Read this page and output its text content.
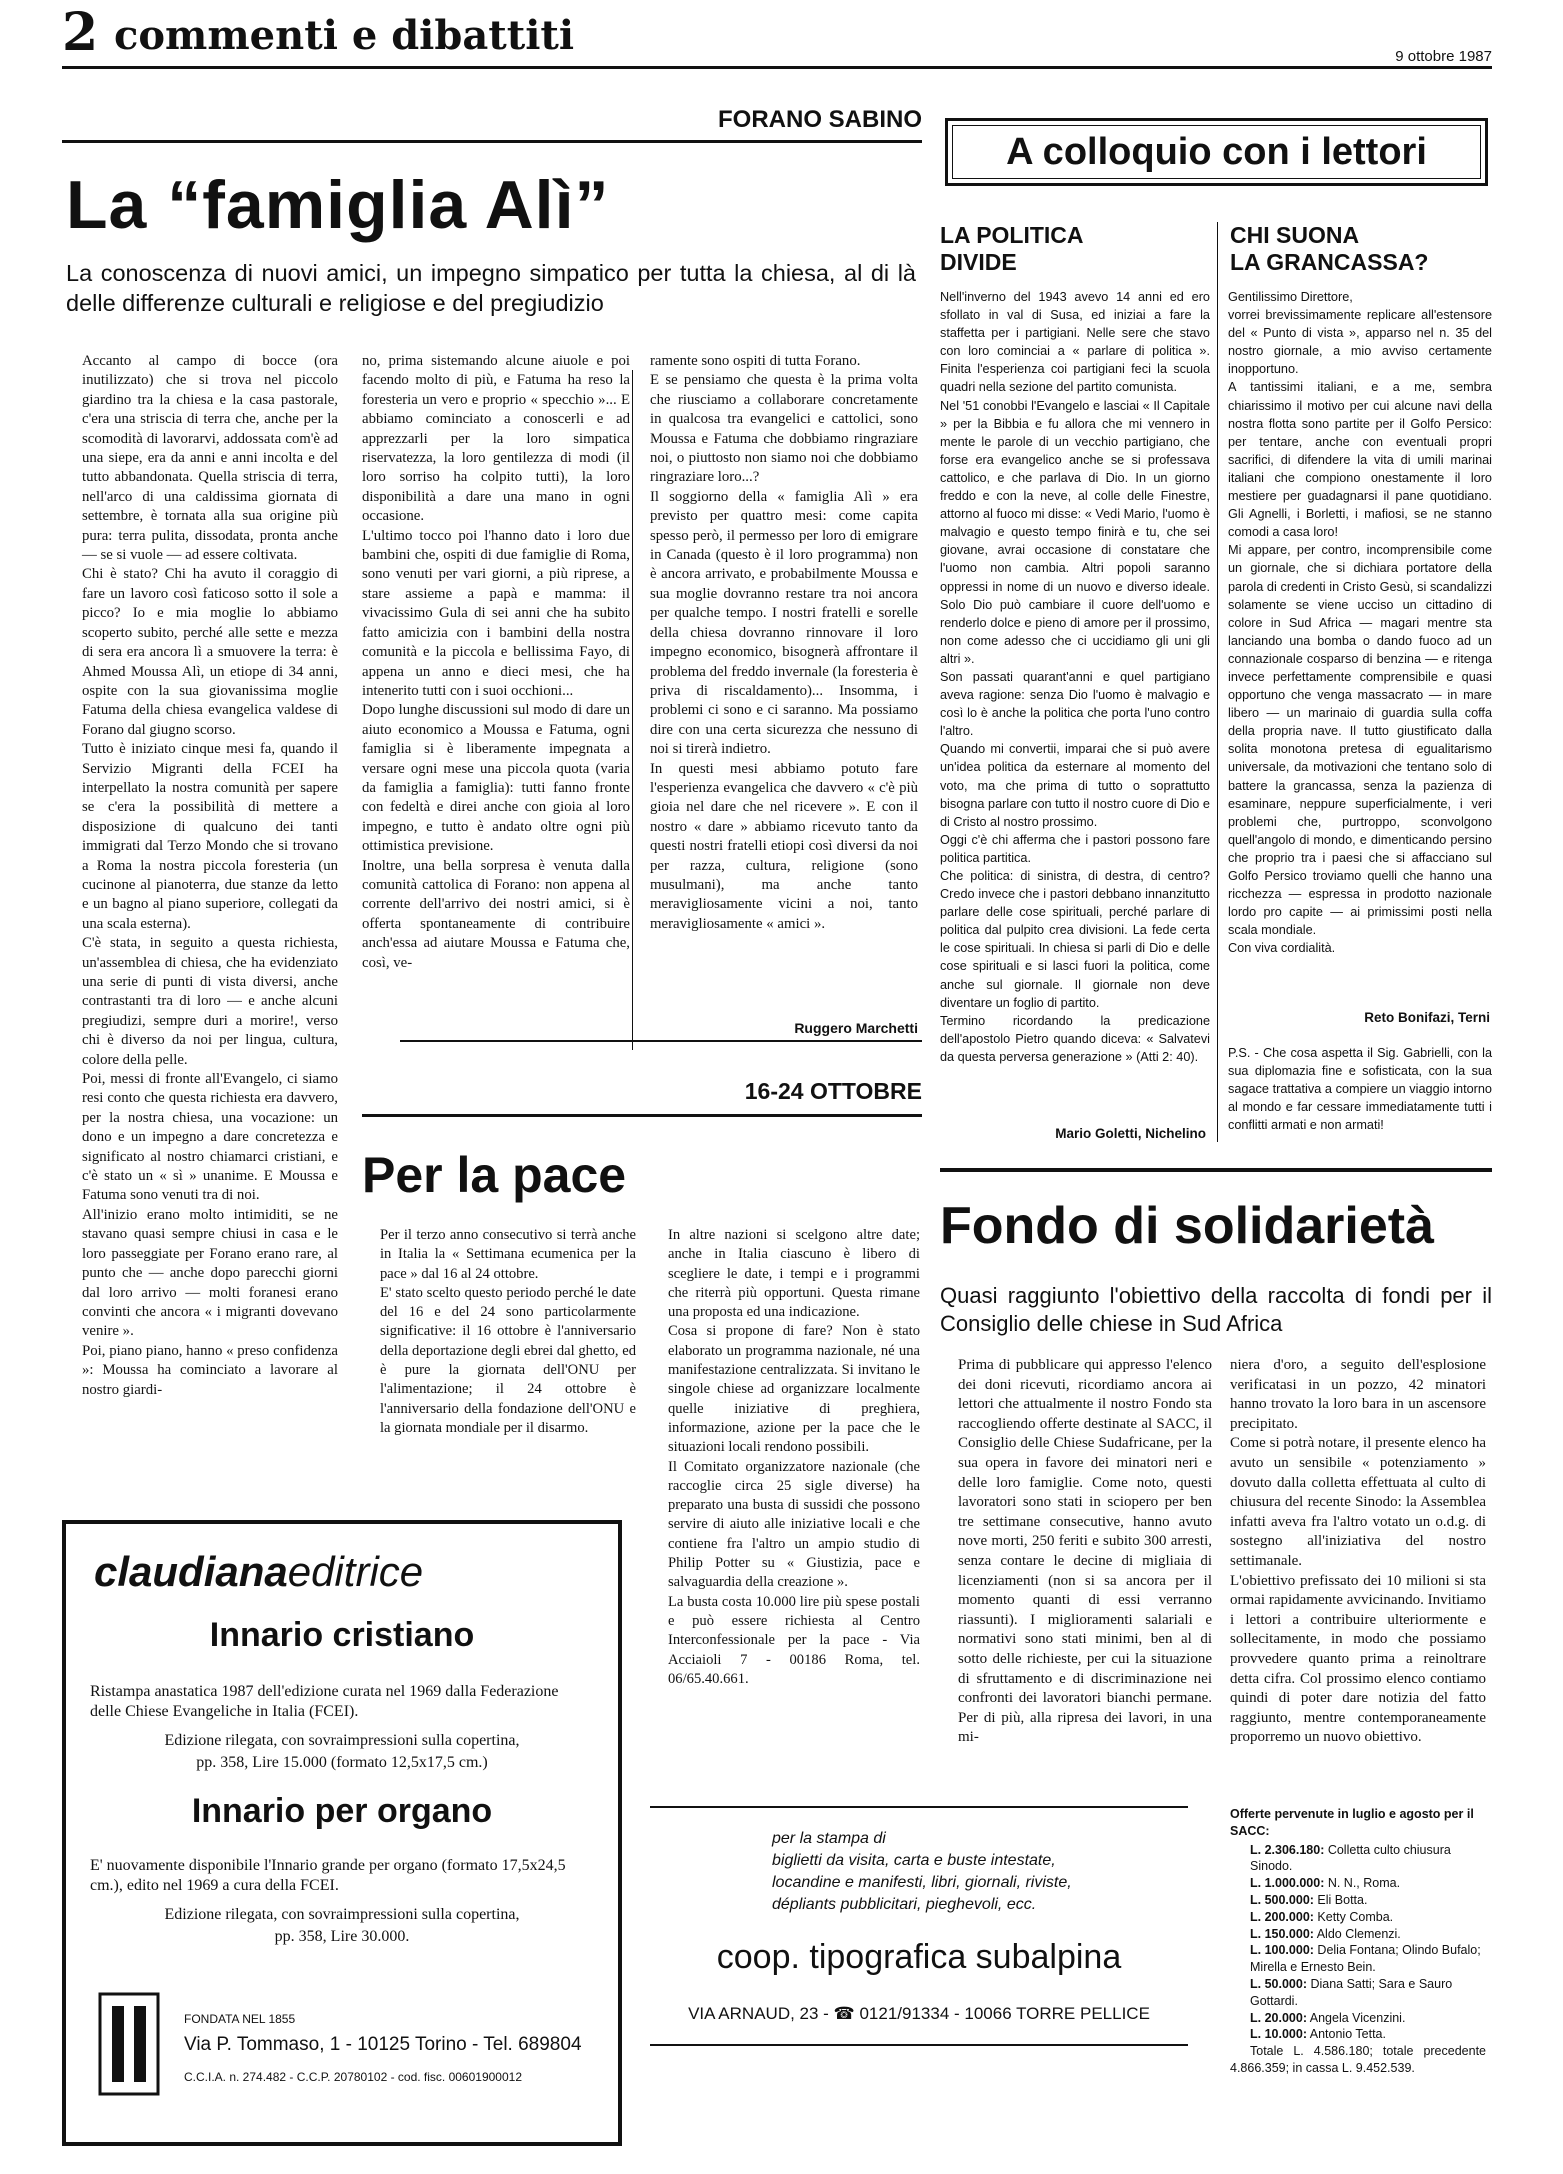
2 commenti e dibattiti	9 ottobre 1987
FORANO SABINO
La “famiglia Alì”
La conoscenza di nuovi amici, un impegno simpatico per tutta la chiesa, al di là delle differenze culturali e religiose e del pregiudizio

Accanto al campo di bocce (ora inutilizzato) che si trova nel piccolo giardino tra la chiesa e la casa pastorale, c'era una striscia di terra che, anche per la scomodità di lavorarvi, addossata com'è ad una siepe, era da anni e anni incolta e del tutto abbandonata. Quella striscia di terra, nell'arco di una caldissima giornata di settembre, è tornata alla sua origine più pura: terra pulita, dissodata, pronta anche — se si vuole — ad essere coltivata.
Chi è stato? Chi ha avuto il coraggio di fare un lavoro così faticoso sotto il sole a picco? Io e mia moglie lo abbiamo scoperto subito, perché alle sette e mezza di sera era ancora lì a smuovere la terra: è Ahmed Moussa Alì, un etiope di 34 anni, ospite con la sua giovanissima moglie Fatuma della chiesa evangelica valdese di Forano dal giugno scorso.
Tutto è iniziato cinque mesi fa, quando il Servizio Migranti della FCEI ha interpellato la nostra comunità per sapere se c'era la possibilità di mettere a disposizione di qualcuno dei tanti immigrati dal Terzo Mondo che si trovano a Roma la nostra piccola foresteria (un cucinone al pianoterra, due stanze da letto e un bagno al piano superiore, collegati da una scala esterna).
C'è stata, in seguito a questa richiesta, un'assemblea di chiesa, che ha evidenziato una serie di punti di vista diversi, anche contrastanti tra di loro — e anche alcuni pregiudizi, sempre duri a morire!, verso chi è diverso da noi per lingua, cultura, colore della pelle.
Poi, messi di fronte all'Evangelo, ci siamo resi conto che questa richiesta era davvero, per la nostra chiesa, una vocazione: un dono e un impegno a dare concretezza e significato al nostro chiamarci cristiani, e c'è stato un « sì » unanime. E Moussa e Fatuma sono venuti tra di noi.
All'inizio erano molto intimiditi, se ne stavano quasi sempre chiusi in casa e le loro passeggiate per Forano erano rare, al punto che — anche dopo parecchi giorni dal loro arrivo — molti foranesi erano convinti che ancora « i migranti dovevano venire ».
Poi, piano piano, hanno « preso confidenza »: Moussa ha cominciato a lavorare al nostro giardi-

no, prima sistemando alcune aiuole e poi facendo molto di più, e Fatuma ha reso la foresteria un vero e proprio « specchio »... E abbiamo cominciato a conoscerli e ad apprezzarli per la loro simpatica riservatezza, la loro gentilezza di modi (il loro sorriso ha colpito tutti), la loro disponibilità a dare una mano in ogni occasione.
L'ultimo tocco poi l'hanno dato i loro due bambini che, ospiti di due famiglie di Roma, sono venuti per vari giorni, a più riprese, a stare assieme a papà e mamma: il vivacissimo Gula di sei anni che ha subito fatto amicizia con i bambini della nostra comunità e la piccola e bellissima Fayo, di appena un anno e dieci mesi, che ha intenerito tutti con i suoi occhioni...
Dopo lunghe discussioni sul modo di dare un aiuto economico a Moussa e Fatuma, ogni famiglia si è liberamente impegnata a versare ogni mese una piccola quota (varia da famiglia a famiglia): tutti fanno fronte con fedeltà e direi anche con gioia al loro impegno, e tutto è andato oltre ogni più ottimistica previsione.
Inoltre, una bella sorpresa è venuta dalla comunità cattolica di Forano: non appena al corrente dell'arrivo dei nostri amici, si è offerta spontaneamente di contribuire anch'essa ad aiutare Moussa e Fatuma che, così, ve-

ramente sono ospiti di tutta Forano.
E se pensiamo che questa è la prima volta che riusciamo a collaborare concretamente in qualcosa tra evangelici e cattolici, sono Moussa e Fatuma che dobbiamo ringraziare noi, o piuttosto non siamo noi che dobbiamo ringraziare loro...?
Il soggiorno della « famiglia Alì » era previsto per quattro mesi: come capita spesso però, il permesso per loro di emigrare in Canada (questo è il loro programma) non è ancora arrivato, e probabilmente Moussa e sua moglie dovranno restare tra noi ancora per qualche tempo. I nostri fratelli e sorelle della chiesa dovranno rinnovare il loro impegno economico, bisognerà affrontare il problema del freddo invernale (la foresteria è priva di riscaldamento)... Insomma, i problemi ci sono e ci saranno. Ma possiamo dire con una certa sicurezza che nessuno di noi si tirerà indietro.
In questi mesi abbiamo potuto fare l'esperienza evangelica che davvero « c'è più gioia nel dare che nel ricevere ». E con il nostro « dare » abbiamo ricevuto tanto da questi nostri fratelli etiopi così diversi da noi per razza, cultura, religione (sono musulmani), ma anche tanto meravigliosamente vicini a noi, tanto meravigliosamente « amici ».

Ruggero Marchetti
16-24 OTTOBRE
Per la pace

Per il terzo anno consecutivo si terrà anche in Italia la « Settimana ecumenica per la pace » dal 16 al 24 ottobre.
E' stato scelto questo periodo perché le date del 16 e del 24 sono particolarmente significative: il 16 ottobre è l'anniversario della deportazione degli ebrei dal ghetto, ed è pure la giornata dell'ONU per l'alimentazione; il 24 ottobre è l'anniversario della fondazione dell'ONU e la giornata mondiale per il disarmo.

In altre nazioni si scelgono altre date; anche in Italia ciascuno è libero di scegliere le date, i tempi e i programmi che riterrà più opportuni. Questa rimane una proposta ed una indicazione.
Cosa si propone di fare? Non è stato elaborato un programma nazionale, né una manifestazione centralizzata. Si invitano le singole chiese ad organizzare localmente quelle iniziative di preghiera, informazione, azione per la pace che le situazioni locali rendono possibili.
Il Comitato organizzatore nazionale (che raccoglie circa 25 sigle diverse) ha preparato una busta di sussidi che possono servire di aiuto alle iniziative locali e che contiene fra l'altro un ampio studio di Philip Potter su « Giustizia, pace e salvaguardia della creazione ».
La busta costa 10.000 lire più spese postali e può essere richiesta al Centro Interconfessionale per la pace - Via Acciaioli 7 - 00186 Roma, tel. 06/65.40.661.

claudianaeditrice
Innario cristiano
Ristampa anastatica 1987 dell'edizione curata nel 1969 dalla Federazione delle Chiese Evangeliche in Italia (FCEI).
Edizione rilegata, con sovraimpressioni sulla copertina,
pp. 358, Lire 15.000 (formato 12,5x17,5 cm.)
Innario per organo
E' nuovamente disponibile l'Innario grande per organo (formato 17,5x24,5 cm.), edito nel 1969 a cura della FCEI.
Edizione rilegata, con sovraimpressioni sulla copertina,
pp. 358, Lire 30.000.
FONDATA NEL 1855
Via P. Tommaso, 1 - 10125 Torino - Tel. 689804
C.C.I.A. n. 274.482 - C.C.P. 20780102 - cod. fisc. 00601900012
A colloquio con i lettori
LA POLITICA
DIVIDE

Nell'inverno del 1943 avevo 14 anni ed ero sfollato in val di Susa, ed iniziai a fare la staffetta per i partigiani. Nelle sere che stavo con loro cominciai a « parlare di politica ». Finita l'esperienza coi partigiani feci la scuola quadri nella sezione del partito comunista.
Nel '51 conobbi l'Evangelo e lasciai « Il Capitale » per la Bibbia e fu allora che mi vennero in mente le parole di un vecchio partigiano, che forse era evangelico anche se si professava cattolico, e che parlava di Dio. In un giorno freddo e con la neve, al colle delle Finestre, attorno al fuoco mi disse: « Vedi Mario, l'uomo è malvagio e questo tempo finirà e tu, che sei giovane, avrai occasione di constatare che l'uomo non cambia. Altri popoli saranno oppressi in nome di un nuovo e diverso ideale. Solo Dio può cambiare il cuore dell'uomo e renderlo dolce e pieno di amore per il prossimo, non come adesso che ci uccidiamo gli uni gli altri ».
Son passati quarant'anni e quel partigiano aveva ragione: senza Dio l'uomo è malvagio e così lo è anche la politica che porta l'uno contro l'altro.
Quando mi convertii, imparai che si può avere un'idea politica da esternare al momento del voto, ma che prima di tutto o soprattutto bisogna parlare con tutto il nostro cuore di Dio e di Cristo al nostro prossimo.
Oggi c'è chi afferma che i pastori possono fare politica partitica.
Che politica: di sinistra, di destra, di centro? Credo invece che i pastori debbano innanzitutto parlare delle cose spirituali, perché parlare di politica dal pulpito crea divisioni. La fede certa le cose spirituali. In chiesa si parli di Dio e delle cose spirituali e si lasci fuori la politica, come anche sul giornale. Il giornale non deve diventare un foglio di partito.
Termino ricordando la predicazione dell'apostolo Pietro quando diceva: « Salvatevi da questa perversa generazione » (Atti 2: 40).

Mario Goletti, Nichelino
CHI SUONA
LA GRANCASSA?

Gentilissimo Direttore,
vorrei brevissimamente replicare all'estensore del « Punto di vista », apparso nel n. 35 del nostro giornale, a mio avviso certamente inopportuno.
A tantissimi italiani, e a me, sembra chiarissimo il motivo per cui alcune navi della nostra flotta sono partite per il Golfo Persico: per tentare, anche con eventuali propri sacrifici, di difendere la vita di umili marinai italiani che compiono onestamente il loro mestiere per guadagnarsi il pane quotidiano. Gli Agnelli, i Borletti, i mafiosi, se ne stanno comodi a casa loro!
Mi appare, per contro, incomprensibile come un giornale, che si dichiara portatore della parola di credenti in Cristo Gesù, si scandalizzi solamente se viene ucciso un cittadino di colore in Sud Africa — magari mentre sta lanciando una bomba o dando fuoco ad un connazionale cosparso di benzina — e ritenga invece perfettamente comprensibile e quasi opportuno che venga massacrato — in mare libero — un marinaio di guardia sulla coffa della propria nave. Il tutto giustificato dalla solita monotona pretesa di egualitarismo universale, da motivazioni che tentano solo di battere la grancassa, senza la pazienza di esaminare, neppure superficialmente, i veri problemi che, purtroppo, sconvolgono quell'angolo di mondo, e dimenticando persino che proprio tra i paesi che si affacciano sul Golfo Persico troviamo quelli che hanno una ricchezza — espressa in prodotto nazionale lordo pro capite — ai primissimi posti nella scala mondiale.
Con viva cordialità.

Reto Bonifazi, Terni

P.S. - Che cosa aspetta il Sig. Gabrielli, con la sua diplomazia fine e sofisticata, con la sua sagace trattativa a compiere un viaggio intorno al mondo e far cessare immediatamente tutti i conflitti armati e non armati!

Fondo di solidarietà
Quasi raggiunto l'obiettivo della raccolta di fondi per il Consiglio delle chiese in Sud Africa

Prima di pubblicare qui appresso l'elenco dei doni ricevuti, ricordiamo ancora ai lettori che attualmente il nostro Fondo sta raccogliendo offerte destinate al SACC, il Consiglio delle Chiese Sudafricane, per la sua opera in favore dei minatori neri e delle loro famiglie. Come noto, questi lavoratori sono stati in sciopero per ben tre settimane consecutive, hanno avuto nove morti, 250 feriti e subito 300 arresti, senza contare le decine di migliaia di licenziamenti (non si sa ancora per il momento quanti di essi verranno riassunti). I miglioramenti salariali e normativi sono stati minimi, ben al di sotto delle richieste, per cui la situazione di sfruttamento e di discriminazione nei confronti dei lavoratori bianchi permane. Per di più, alla ripresa dei lavori, in una mi-

niera d'oro, a seguito dell'esplosione verificatasi in un pozzo, 42 minatori hanno trovato la loro bara in un ascensore precipitato.
Come si potrà notare, il presente elenco ha avuto un sensibile « potenziamento » dovuto dalla colletta effettuata al culto di chiusura del recente Sinodo: la Assemblea infatti aveva fra l'altro votato un o.d.g. di sostegno all'iniziativa del nostro settimanale.
L'obiettivo prefissato dei 10 milioni si sta ormai rapidamente avvicinando. Invitiamo i lettori a contribuire ulteriormente e sollecitamente, in modo che possiamo provvedere quanto prima a reinoltrare detta cifra. Col prossimo elenco contiamo quindi di poter dare notizia del fatto raggiunto, mentre contemporaneamente proporremo un nuovo obiettivo.

Offerte pervenute in luglio e agosto per il SACC:
L. 2.306.180: Colletta culto chiusura Sinodo.
L. 1.000.000: N. N., Roma.
L. 500.000: Eli Botta.
L. 200.000: Ketty Comba.
L. 150.000: Aldo Clemenzi.
L. 100.000: Delia Fontana; Olindo Bufalo; Mirella e Ernesto Bein.
L. 50.000: Diana Satti; Sara e Sauro Gottardi.
L. 20.000: Angela Vicenzini.
L. 10.000: Antonio Tetta.
Totale L. 4.586.180; totale precedente 4.866.359; in cassa L. 9.452.539.
per la stampa di
biglietti da visita, carta e buste intestate,
locandine e manifesti, libri, giornali, riviste,
dépliants pubblicitari, pieghevoli, ecc.
coop. tipografica subalpina
VIA ARNAUD, 23 - ☎ 0121/91334 - 10066 TORRE PELLICE
